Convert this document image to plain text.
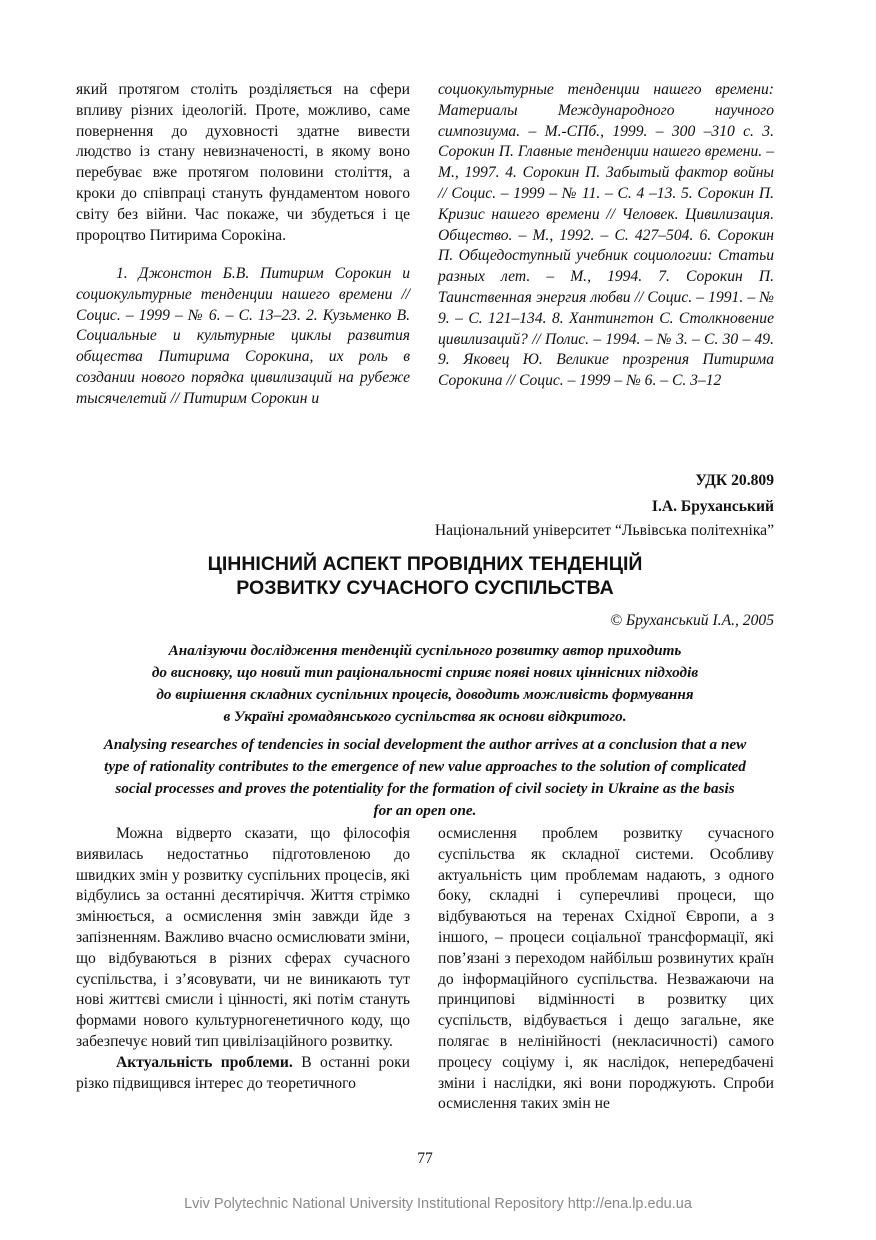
який протягом століть розділяється на сфери впливу різних ідеологій. Проте, можливо, саме повернення до духовності здатне вивести людство із стану невизначеності, в якому воно перебуває вже протягом половини століття, а кроки до співпраці стануть фундаментом нового світу без війни. Час покаже, чи збудеться і це пророцтво Питирима Сорокіна.

1. Джонстон Б.В. Питирим Сорокин и социокультурные тенденции нашего времени // Социс. – 1999 – № 6. – С. 13–23. 2. Кузьменко В. Социальные и культурные циклы развития общества Питирима Сорокина, их роль в создании нового порядка цивилизаций на рубеже тысячелетий // Питирим Сорокин и

социокультурные тенденции нашего времени: Материалы Международного научного симпозиума. – М.-СПб., 1999. – 300 –310 с. 3. Сорокин П. Главные тенденции нашего времени. – М., 1997. 4. Сорокин П. Забытый фактор войны // Социс. – 1999 – № 11. – С. 4 –13. 5. Сорокин П. Кризис нашего времени // Человек. Цивилизация. Общество. – М., 1992. – С. 427–504. 6. Сорокин П. Общедоступный учебник социологии: Статьи разных лет. – М., 1994. 7. Сорокин П. Таинственная энергия любви // Социс. – 1991. – № 9. – С. 121–134. 8. Хантингтон С. Столкновение цивилизаций? // Полис. – 1994. – № 3. – С. 30 – 49. 9. Яковец Ю. Великие прозрения Питирима Сорокина // Социс. – 1999 – № 6. – С. 3–12

УДК 20.809
І.А. Бруханський
Національний університет “Львівська політехніка”
ЦІННІСНИЙ АСПЕКТ ПРОВІДНИХ ТЕНДЕНЦІЙ
РОЗВИТКУ СУЧАСНОГО СУСПІЛЬСТВА
© Бруханський І.А., 2005
Аналізуючи дослідження тенденцій суспільного розвитку автор приходить
до висновку, що новий тип раціональності сприяє появі нових ціннісних підходів
до вирішення складних суспільних процесів, доводить можливість формування
в Україні громадянського суспільства як основи відкритого.
Analysing researches of tendencies in social development the author arrives at a conclusion that a new
type of rationality contributes to the emergence of new value approaches to the solution of complicated
social processes and proves the potentiality for the formation of civil society in Ukraine as the basis
for an open one.

Можна відверто сказати, що філософія виявилась недостатньо підготовленою до швидких змін у розвитку суспільних процесів, які відбулись за останні десятиріччя. Життя стрімко змінюється, а осмислення змін завжди йде з запізненням. Важливо вчасно осмислювати зміни, що відбуваються в різних сферах сучасного суспільства, і з’ясовувати, чи не виникають тут нові життєві смисли і цінності, які потім стануть формами нового культурногенетичного коду, що забезпечує новий тип цивілізаційного розвитку.

Актуальність проблеми. В останні роки різко підвищився інтерес до теоретичного

осмислення проблем розвитку сучасного суспільства як складної системи. Особливу актуальність цим проблемам надають, з одного боку, складні і суперечливі процеси, що відбуваються на теренах Східної Європи, а з іншого, – процеси соціальної трансформації, які пов’язані з переходом найбільш розвинутих країн до інформаційного суспільства. Незважаючи на принципові відмінності в розвитку цих суспільств, відбувається і дещо загальне, яке полягає в нелінійності (некласичності) самого процесу соціуму і, як наслідок, непередбачені зміни і наслідки, які вони породжують. Спроби осмислення таких змін не

77
Lviv Polytechnic National University Institutional Repository http://ena.lp.edu.ua
